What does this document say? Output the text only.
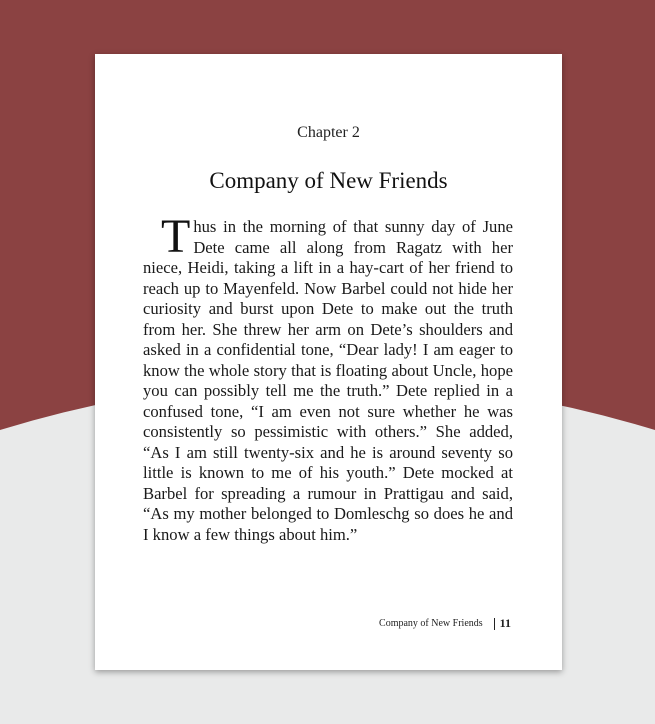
Chapter 2
Company of New Friends

Thus in the morning of that sunny day of June Dete came all along from Ragatz with her niece, Heidi, taking a lift in a hay-cart of her friend to reach up to Mayenfeld. Now Barbel could not hide her curiosity and burst upon Dete to make out the truth from her. She threw her arm on Dete’s shoulders and asked in a confidential tone, “Dear lady! I am eager to know the whole story that is floating about Uncle, hope you can possibly tell me the truth.” Dete replied in a confused tone, “I am even not sure whether he was consistently so pessimistic with others.” She added, “As I am still twenty-six and he is around seventy so little is known to me of his youth.” Dete mocked at Barbel for spreading a rumour in Prattigau and said, “As my mother belonged to Domleschg so does he and I know a few things about him.”

Company of New Friends 11
